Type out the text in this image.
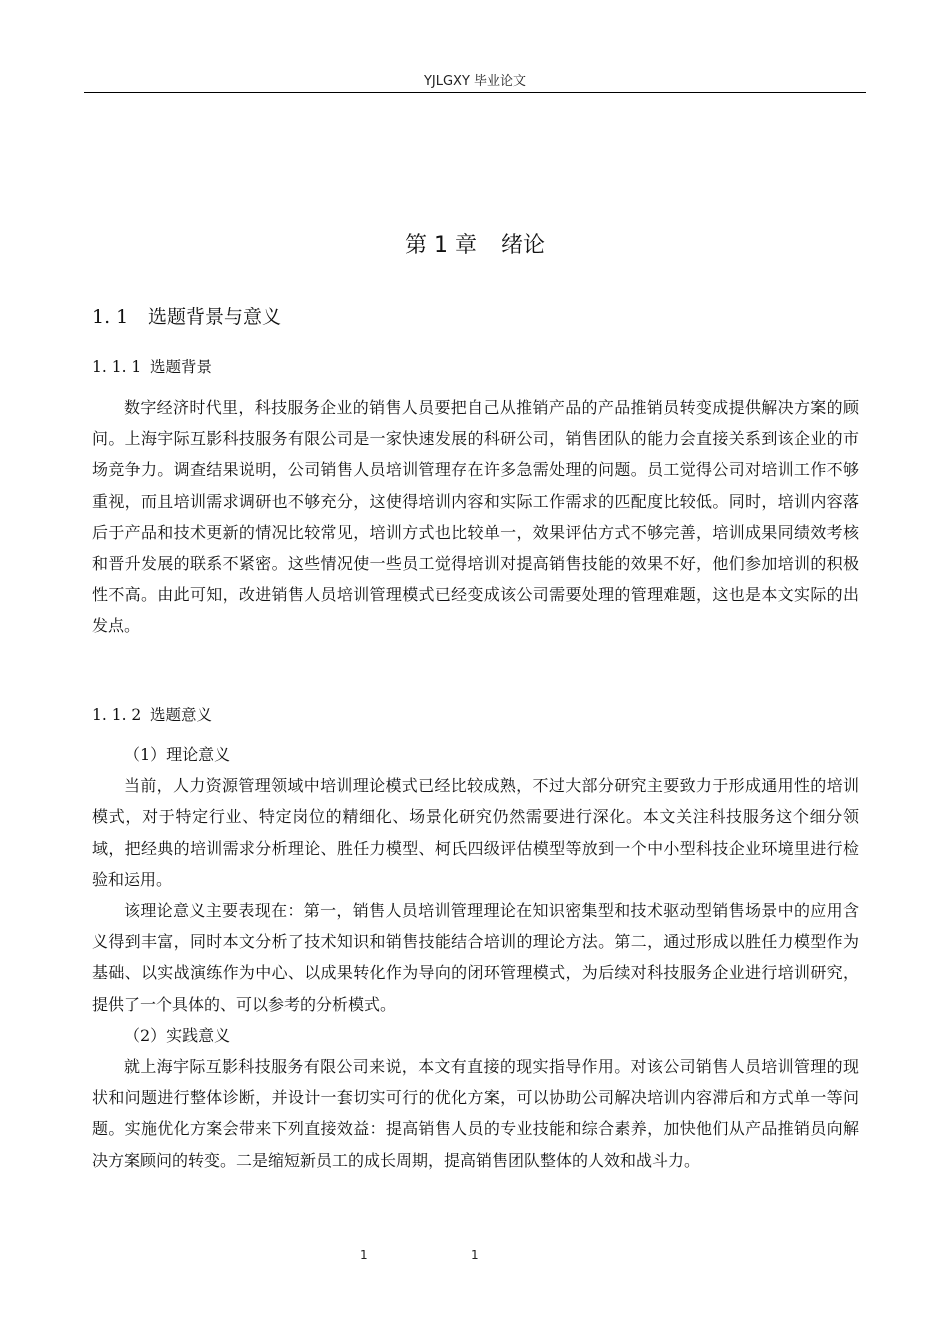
YJLGXY 毕业论文
第 1 章 绪论
1. 1 选题背景与意义
1. 1. 1 选题背景

数字经济时代里，科技服务企业的销售人员要把自己从推销产品的产品推销员转变成提供解决方案的顾问。上海宇际互影科技服务有限公司是一家快速发展的科研公司，销售团队的能力会直接关系到该企业的市场竞争力。调查结果说明，公司销售人员培训管理存在许多急需处理的问题。员工觉得公司对培训工作不够重视，而且培训需求调研也不够充分，这使得培训内容和实际工作需求的匹配度比较低。同时，培训内容落后于产品和技术更新的情况比较常见，培训方式也比较单一，效果评估方式不够完善，培训成果同绩效考核和晋升发展的联系不紧密。这些情况使一些员工觉得培训对提高销售技能的效果不好，他们参加培训的积极性不高。由此可知，改进销售人员培训管理模式已经变成该公司需要处理的管理难题，这也是本文实际的出发点。

1. 1. 2 选题意义

（1）理论意义

当前，人力资源管理领域中培训理论模式已经比较成熟，不过大部分研究主要致力于形成通用性的培训模式，对于特定行业、特定岗位的精细化、场景化研究仍然需要进行深化。本文关注科技服务这个细分领域，把经典的培训需求分析理论、胜任力模型、柯氏四级评估模型等放到一个中小型科技企业环境里进行检验和运用。

该理论意义主要表现在：第一，销售人员培训管理理论在知识密集型和技术驱动型销售场景中的应用含义得到丰富，同时本文分析了技术知识和销售技能结合培训的理论方法。第二，通过形成以胜任力模型作为基础、以实战演练作为中心、以成果转化作为导向的闭环管理模式，为后续对科技服务企业进行培训研究，提供了一个具体的、可以参考的分析模式。

（2）实践意义

就上海宇际互影科技服务有限公司来说，本文有直接的现实指导作用。对该公司销售人员培训管理的现状和问题进行整体诊断，并设计一套切实可行的优化方案，可以协助公司解决培训内容滞后和方式单一等问题。实施优化方案会带来下列直接效益：提高销售人员的专业技能和综合素养，加快他们从产品推销员向解决方案顾问的转变。二是缩短新员工的成长周期，提高销售团队整体的人效和战斗力。

1	1
